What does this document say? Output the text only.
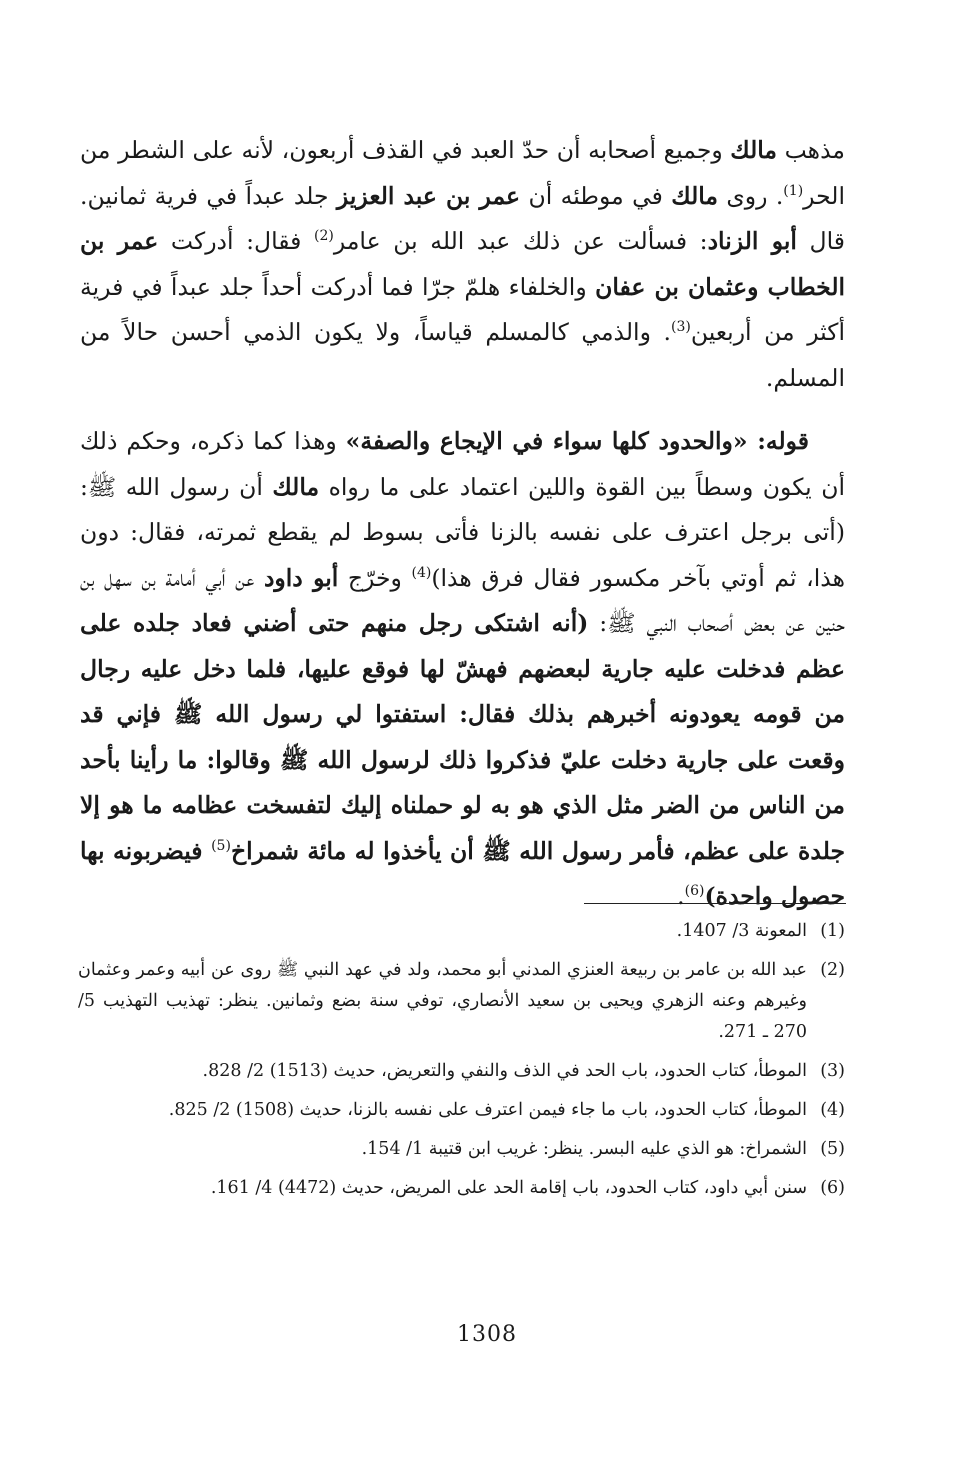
مذهب مالك وجميع أصحابه أن حدّ العبد في القذف أربعون، لأنه على الشطر من الحر$^{(1)}$. روى مالك في موطئه أن عمر بن عبد العزيز جلد عبداً في فرية ثمانين. قال أبو الزناد: فسألت عن ذلك عبد الله بن عامر$^{(2)}$ فقال: أدركت عمر بن الخطاب وعثمان بن عفان والخلفاء هلمّ جرّا فما أدركت أحداً جلد عبداً في فرية أكثر من أربعين$^{(3)}$. والذمي كالمسلم قياساً، ولا يكون الذمي أحسن حالاً من المسلم.

قوله: «والحدود كلها سواء في الإيجاع والصفة» وهذا كما ذكره، وحكم ذلك أن يكون وسطاً بين القوة واللين اعتماد على ما رواه مالك أن رسول الله ﷺ: (أتى برجل اعترف على نفسه بالزنا فأتى بسوط لم يقطع ثمرته، فقال: دون هذا، ثم أوتي بآخر مكسور فقال فرق هذا)$^{(4)}$ وخرّج أبو داود عن أبي أمامة بن سهل بن حنين عن بعض أصحاب النبي ﷺ: (أنه اشتكى رجل منهم حتى أضني فعاد جلده على عظم فدخلت عليه جارية لبعضهم فهشّ لها فوقع عليها، فلما دخل عليه رجال من قومه يعودونه أخبرهم بذلك فقال: استفتوا لي رسول الله ﷺ فإني قد وقعت على جارية دخلت عليّ فذكروا ذلك لرسول الله ﷺ وقالوا: ما رأينا بأحد من الناس من الضر مثل الذي هو به لو حملناه إليك لتفسخت عظامه ما هو إلا جلدة على عظم، فأمر رسول الله ﷺ أن يأخذوا له مائة شمراخ$^{(5)}$ فيضربونه بها حصول واحدة)$^{(6)}$.

(1)
المعونة 3/ 1407.
(2)
عبد الله بن عامر بن ربيعة العنزي المدني أبو محمد، ولد في عهد النبي ﷺ روى عن أبيه وعمر وعثمان وغيرهم وعنه الزهري ويحيى بن سعيد الأنصاري، توفي سنة بضع وثمانين. ينظر: تهذيب التهذيب 5/ 270 ـ 271.
(3)
الموطأ، كتاب الحدود، باب الحد في الذف والنفي والتعريض، حديث (1513) 2/ 828.
(4)
الموطأ، كتاب الحدود، باب ما جاء فيمن اعترف على نفسه بالزنا، حديث (1508) 2/ 825.
(5)
الشمراخ: هو الذي عليه البسر. ينظر: غريب ابن قتيبة 1/ 154.
(6)
سنن أبي داود، كتاب الحدود، باب إقامة الحد على المريض، حديث (4472) 4/ 161.
1308
